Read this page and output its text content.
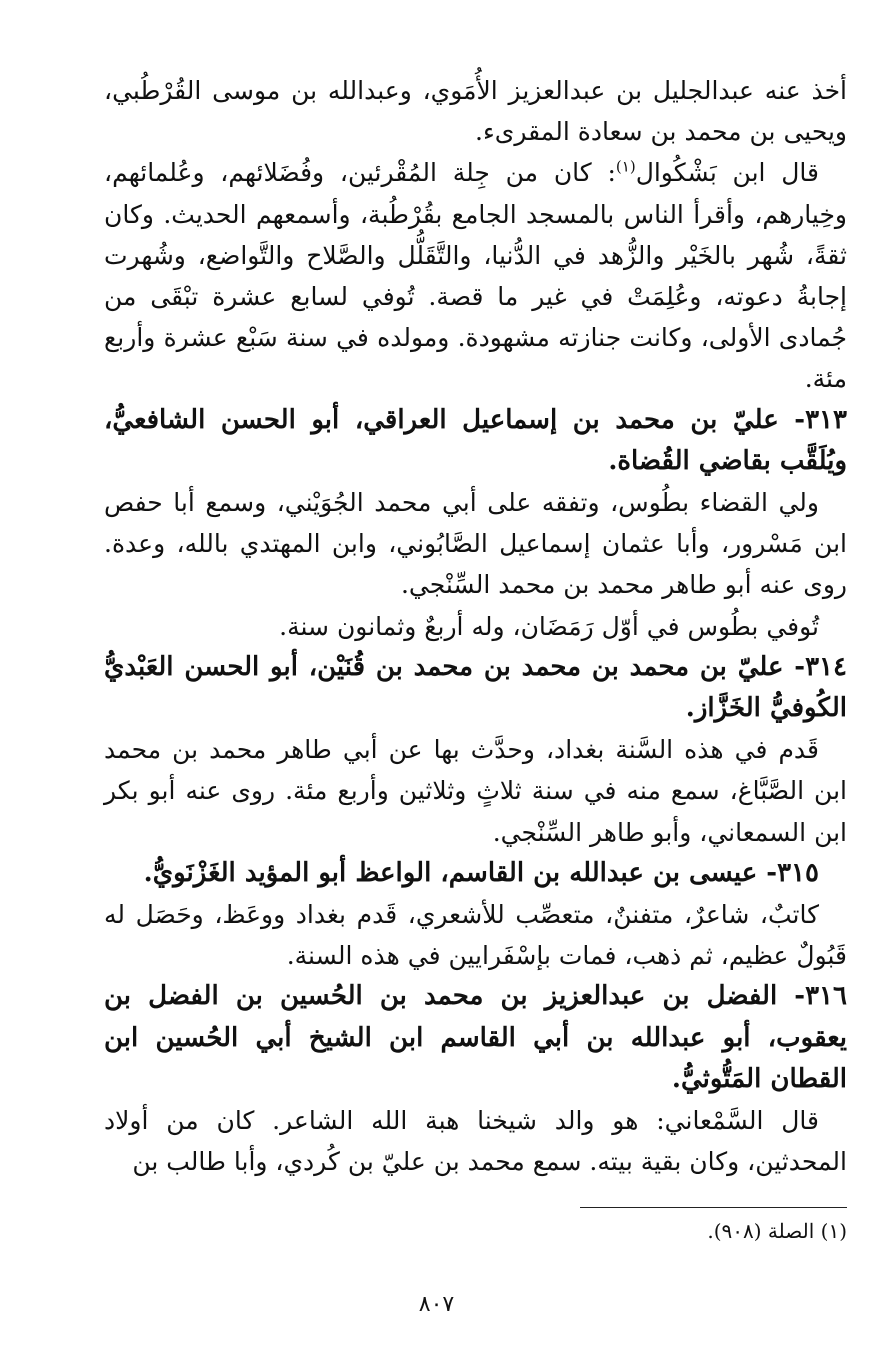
أخذ عنه عبدالجليل بن عبدالعزيز الأُمَوي، وعبدالله بن موسى القُرْطُبي، ويحيى بن محمد بن سعادة المقرىء.

قال ابن بَشْكُوال$^{(١)}$: كان من جِلة المُقْرئين، وفُضَلائهم، وعُلمائهم، وخِيارهم، وأقرأ الناس بالمسجد الجامع بقُرْطُبة، وأسمعهم الحديث. وكان ثقةً، شُهر بالخَيْر والزُّهد في الدُّنيا، والتَّقَلُّل والصَّلاح والتَّواضع، وشُهرت إجابةُ دعوته، وعُلِمَتْ في غير ما قصة. تُوفي لسابع عشرة تبْقَى من جُمادى الأولى، وكانت جنازته مشهودة. ومولده في سنة سَبْع عشرة وأربع مئة.

٣١٣- عليّ بن محمد بن إسماعيل العراقي، أبو الحسن الشافعيُّ، ويُلَقَّب بقاضي القُضاة.

ولي القضاء بطُوس، وتفقه على أبي محمد الجُوَيْني، وسمع أبا حفص ابن مَسْرور، وأبا عثمان إسماعيل الصَّابُوني، وابن المهتدي بالله، وعدة. روى عنه أبو طاهر محمد بن محمد السِّنْجي.

تُوفي بطُوس في أوّل رَمَضَان، وله أربعٌ وثمانون سنة.

٣١٤- عليّ بن محمد بن محمد بن محمد بن قُنَيْن، أبو الحسن العَبْديُّ الكُوفيُّ الخَزَّاز.

قَدم في هذه السَّنة بغداد، وحدَّث بها عن أبي طاهر محمد بن محمد ابن الصَّبَّاغ، سمع منه في سنة ثلاثٍ وثلاثين وأربع مئة. روى عنه أبو بكر ابن السمعاني، وأبو طاهر السِّنْجي.

٣١٥- عيسى بن عبدالله بن القاسم، الواعظ أبو المؤيد الغَزْنَويُّ.

كاتبٌ، شاعرٌ، متفننٌ، متعصِّب للأشعري، قَدم بغداد ووعَظ، وحَصَل له قَبُولٌ عظيم، ثم ذهب، فمات بإسْفَرايين في هذه السنة.

٣١٦- الفضل بن عبدالعزيز بن محمد بن الحُسين بن الفضل بن يعقوب، أبو عبدالله بن أبي القاسم ابن الشيخ أبي الحُسين ابن القطان المَتُّوثيُّ.

قال السَّمْعاني: هو والد شيخنا هبة الله الشاعر. كان من أولاد المحدثين، وكان بقية بيته. سمع محمد بن عليّ بن كُردي، وأبا طالب بن

(١) الصلة (٩٠٨).
٨٠٧
